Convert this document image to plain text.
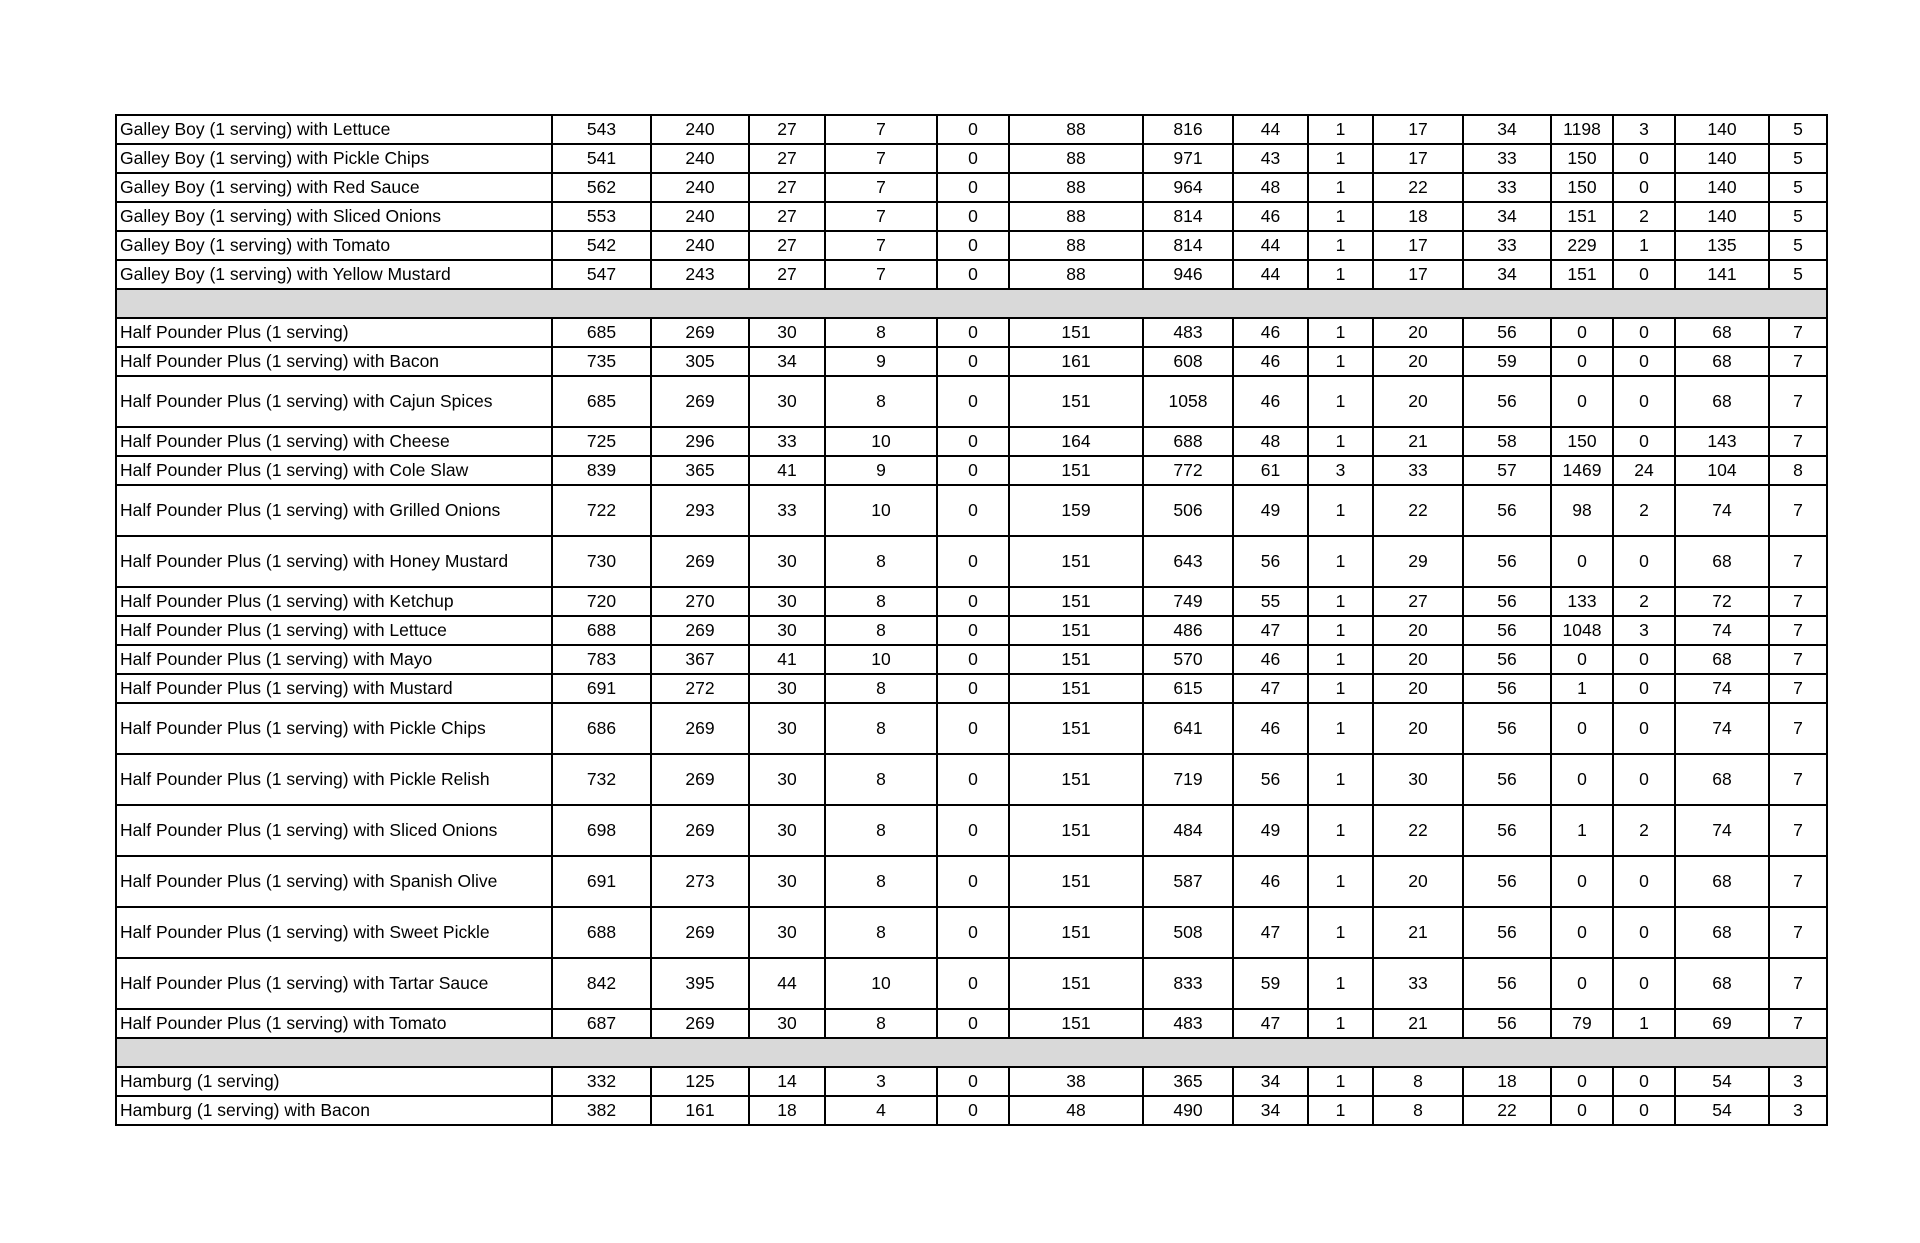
Galley Boy (1 serving) with Lettuce	543	240	27	7	0	88	816	44	1	17	34	1198	3	140	5
Galley Boy (1 serving) with Pickle Chips	541	240	27	7	0	88	971	43	1	17	33	150	0	140	5
Galley Boy (1 serving) with Red Sauce	562	240	27	7	0	88	964	48	1	22	33	150	0	140	5
Galley Boy (1 serving) with Sliced Onions	553	240	27	7	0	88	814	46	1	18	34	151	2	140	5
Galley Boy (1 serving) with Tomato	542	240	27	7	0	88	814	44	1	17	33	229	1	135	5
Galley Boy (1 serving) with Yellow Mustard	547	243	27	7	0	88	946	44	1	17	34	151	0	141	5

Half Pounder Plus (1 serving)	685	269	30	8	0	151	483	46	1	20	56	0	0	68	7
Half Pounder Plus (1 serving) with Bacon	735	305	34	9	0	161	608	46	1	20	59	0	0	68	7
Half Pounder Plus (1 serving) with Cajun Spices	685	269	30	8	0	151	1058	46	1	20	56	0	0	68	7
Half Pounder Plus (1 serving) with Cheese	725	296	33	10	0	164	688	48	1	21	58	150	0	143	7
Half Pounder Plus (1 serving) with Cole Slaw	839	365	41	9	0	151	772	61	3	33	57	1469	24	104	8
Half Pounder Plus (1 serving) with Grilled Onions	722	293	33	10	0	159	506	49	1	22	56	98	2	74	7
Half Pounder Plus (1 serving) with Honey Mustard	730	269	30	8	0	151	643	56	1	29	56	0	0	68	7
Half Pounder Plus (1 serving) with Ketchup	720	270	30	8	0	151	749	55	1	27	56	133	2	72	7
Half Pounder Plus (1 serving) with Lettuce	688	269	30	8	0	151	486	47	1	20	56	1048	3	74	7
Half Pounder Plus (1 serving) with Mayo	783	367	41	10	0	151	570	46	1	20	56	0	0	68	7
Half Pounder Plus (1 serving) with Mustard	691	272	30	8	0	151	615	47	1	20	56	1	0	74	7
Half Pounder Plus (1 serving) with Pickle Chips	686	269	30	8	0	151	641	46	1	20	56	0	0	74	7
Half Pounder Plus (1 serving) with Pickle Relish	732	269	30	8	0	151	719	56	1	30	56	0	0	68	7
Half Pounder Plus (1 serving) with Sliced Onions	698	269	30	8	0	151	484	49	1	22	56	1	2	74	7
Half Pounder Plus (1 serving) with Spanish Olive	691	273	30	8	0	151	587	46	1	20	56	0	0	68	7
Half Pounder Plus (1 serving) with Sweet Pickle	688	269	30	8	0	151	508	47	1	21	56	0	0	68	7
Half Pounder Plus (1 serving) with Tartar Sauce	842	395	44	10	0	151	833	59	1	33	56	0	0	68	7
Half Pounder Plus (1 serving) with Tomato	687	269	30	8	0	151	483	47	1	21	56	79	1	69	7

Hamburg (1 serving)	332	125	14	3	0	38	365	34	1	8	18	0	0	54	3
Hamburg (1 serving) with Bacon	382	161	18	4	0	48	490	34	1	8	22	0	0	54	3
